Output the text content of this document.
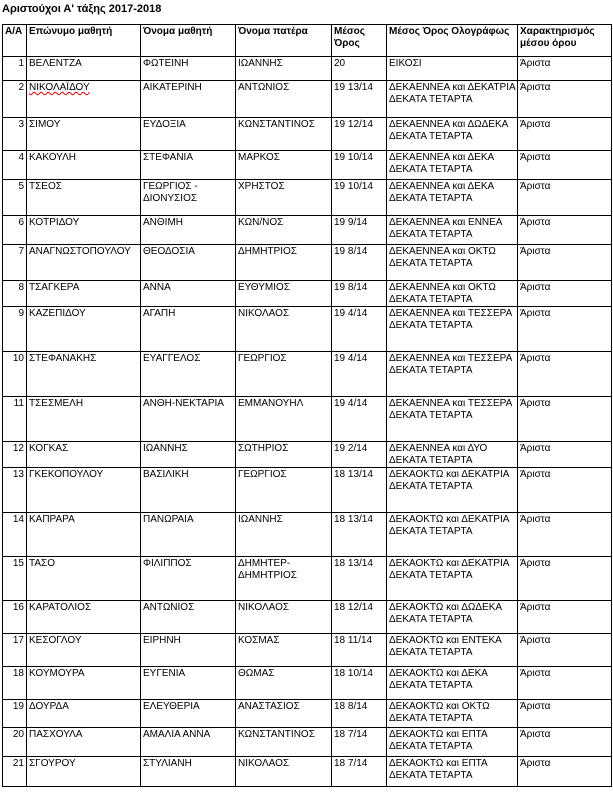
Αριστούχοι Α' τάξης 2017-2018
Α/Α	Επώνυμο μαθητή	Όνομα μαθητή	Όνομα πατέρα	Μέσος Όρος	Μέσος Όρος Ολογράφως	Χαρακτηρισμός μέσου όρου
1	ΒΕΛΕΝΤΖΑ	ΦΩΤΕΙΝΗ	ΙΩΑΝΝΗΣ	20	ΕΙΚΟΣΙ	Άριστα
2	ΝΙΚΟΛΑΪΔΟΥ	ΑΙΚΑΤΕΡΙΝΗ	ΑΝΤΩΝΙΟΣ	19 13/14	ΔΕΚΑΕΝΝΕΑ και ΔΕΚΑΤΡΙΑ ΔΕΚΑΤΑ ΤΕΤΑΡΤΑ	Άριστα
3	ΣΙΜΟΥ	ΕΥΔΟΞΙΑ	ΚΩΝΣΤΑΝΤΙΝΟΣ	19 12/14	ΔΕΚΑΕΝΝΕΑ και ΔΩΔΕΚΑ ΔΕΚΑΤΑ ΤΕΤΑΡΤΑ	Άριστα
4	ΚΑΚΟΥΛΗ	ΣΤΕΦΑΝΙΑ	ΜΑΡΚΟΣ	19 10/14	ΔΕΚΑΕΝΝΕΑ και ΔΕΚΑ ΔΕΚΑΤΑ ΤΕΤΑΡΤΑ	Άριστα
5	ΤΣΕΟΣ	ΓΕΩΡΓΙΟΣ - ΔΙΟΝΥΣΙΟΣ	ΧΡΗΣΤΟΣ	19 10/14	ΔΕΚΑΕΝΝΕΑ και ΔΕΚΑ ΔΕΚΑΤΑ ΤΕΤΑΡΤΑ	Άριστα
6	ΚΟΤΡΙΔΟΥ	ΑΝΘΙΜΗ	ΚΩΝ/ΝΟΣ	19 9/14	ΔΕΚΑΕΝΝΕΑ και ΕΝΝΕΑ ΔΕΚΑΤΑ ΤΕΤΑΡΤΑ	Άριστα
7	ΑΝΑΓΝΩΣΤΟΠΟΥΛΟΥ	ΘΕΟΔΟΣΙΑ	ΔΗΜΗΤΡΙΟΣ	19 8/14	ΔΕΚΑΕΝΝΕΑ και ΟΚΤΩ ΔΕΚΑΤΑ ΤΕΤΑΡΤΑ	Άριστα
8	ΤΣΑΓΚΕΡΑ	ΑΝΝΑ	ΕΥΘΥΜΙΟΣ	19 8/14	ΔΕΚΑΕΝΝΕΑ και ΟΚΤΩ ΔΕΚΑΤΑ ΤΕΤΑΡΤΑ	Άριστα
9	ΚΑΖΕΠΙΔΟΥ	ΑΓΑΠΗ	ΝΙΚΟΛΑΟΣ	19 4/14	ΔΕΚΑΕΝΝΕΑ και ΤΕΣΣΕΡΑ ΔΕΚΑΤΑ ΤΕΤΑΡΤΑ	Άριστα
10	ΣΤΕΦΑΝΑΚΗΣ	ΕΥΑΓΓΕΛΟΣ	ΓΕΩΡΓΙΟΣ	19 4/14	ΔΕΚΑΕΝΝΕΑ και ΤΕΣΣΕΡΑ ΔΕΚΑΤΑ ΤΕΤΑΡΤΑ	Άριστα
11	ΤΣΕΣΜΕΛΗ	ΑΝΘΗ-ΝΕΚΤΑΡΙΑ	ΕΜΜΑΝΟΥΗΛ	19 4/14	ΔΕΚΑΕΝΝΕΑ και ΤΕΣΣΕΡΑ ΔΕΚΑΤΑ ΤΕΤΑΡΤΑ	Άριστα
12	ΚΟΓΚΑΣ	ΙΩΑΝΝΗΣ	ΣΩΤΗΡΙΟΣ	19 2/14	ΔΕΚΑΕΝΝΕΑ και ΔΥΟ ΔΕΚΑΤΑ ΤΕΤΑΡΤΑ	Άριστα
13	ΓΚΕΚΟΠΟΥΛΟΥ	ΒΑΣΙΛΙΚΗ	ΓΕΩΡΓΙΟΣ	18 13/14	ΔΕΚΑΟΚΤΩ και ΔΕΚΑΤΡΙΑ ΔΕΚΑΤΑ ΤΕΤΑΡΤΑ	Άριστα
14	ΚΑΠΡΑΡΑ	ΠΑΝΩΡΑΙΑ	ΙΩΑΝΝΗΣ	18 13/14	ΔΕΚΑΟΚΤΩ και ΔΕΚΑΤΡΙΑ ΔΕΚΑΤΑ ΤΕΤΑΡΤΑ	Άριστα
15	ΤΑΣΟ	ΦΙΛΙΠΠΟΣ	ΔΗΜΗΤΕΡ-ΔΗΜΗΤΡΙΟΣ	18 13/14	ΔΕΚΑΟΚΤΩ και ΔΕΚΑΤΡΙΑ ΔΕΚΑΤΑ ΤΕΤΑΡΤΑ	Άριστα
16	ΚΑΡΑΤΟΛΙΟΣ	ΑΝΤΩΝΙΟΣ	ΝΙΚΟΛΑΟΣ	18 12/14	ΔΕΚΑΟΚΤΩ και ΔΩΔΕΚΑ ΔΕΚΑΤΑ ΤΕΤΑΡΤΑ	Άριστα
17	ΚΕΣΟΓΛΟΥ	ΕΙΡΗΝΗ	ΚΟΣΜΑΣ	18 11/14	ΔΕΚΑΟΚΤΩ και ΕΝΤΕΚΑ ΔΕΚΑΤΑ ΤΕΤΑΡΤΑ	Άριστα
18	ΚΟΥΜΟΥΡΑ	ΕΥΓΕΝΙΑ	ΘΩΜΑΣ	18 10/14	ΔΕΚΑΟΚΤΩ και ΔΕΚΑ ΔΕΚΑΤΑ ΤΕΤΑΡΤΑ	Άριστα
19	ΔΟΥΡΔΑ	ΕΛΕΥΘΕΡΙΑ	ΑΝΑΣΤΑΣΙΟΣ	18 8/14	ΔΕΚΑΟΚΤΩ και ΟΚΤΩ ΔΕΚΑΤΑ ΤΕΤΑΡΤΑ	Άριστα
20	ΠΑΣΧΟΥΛΑ	ΑΜΑΛΙΑ ΑΝΝΑ	ΚΩΝΣΤΑΝΤΙΝΟΣ	18 7/14	ΔΕΚΑΟΚΤΩ και ΕΠΤΑ ΔΕΚΑΤΑ ΤΕΤΑΡΤΑ	Άριστα
21	ΣΓΟΥΡΟΥ	ΣΤΥΛΙΑΝΗ	ΝΙΚΟΛΑΟΣ	18 7/14	ΔΕΚΑΟΚΤΩ και ΕΠΤΑ ΔΕΚΑΤΑ ΤΕΤΑΡΤΑ	Άριστα
